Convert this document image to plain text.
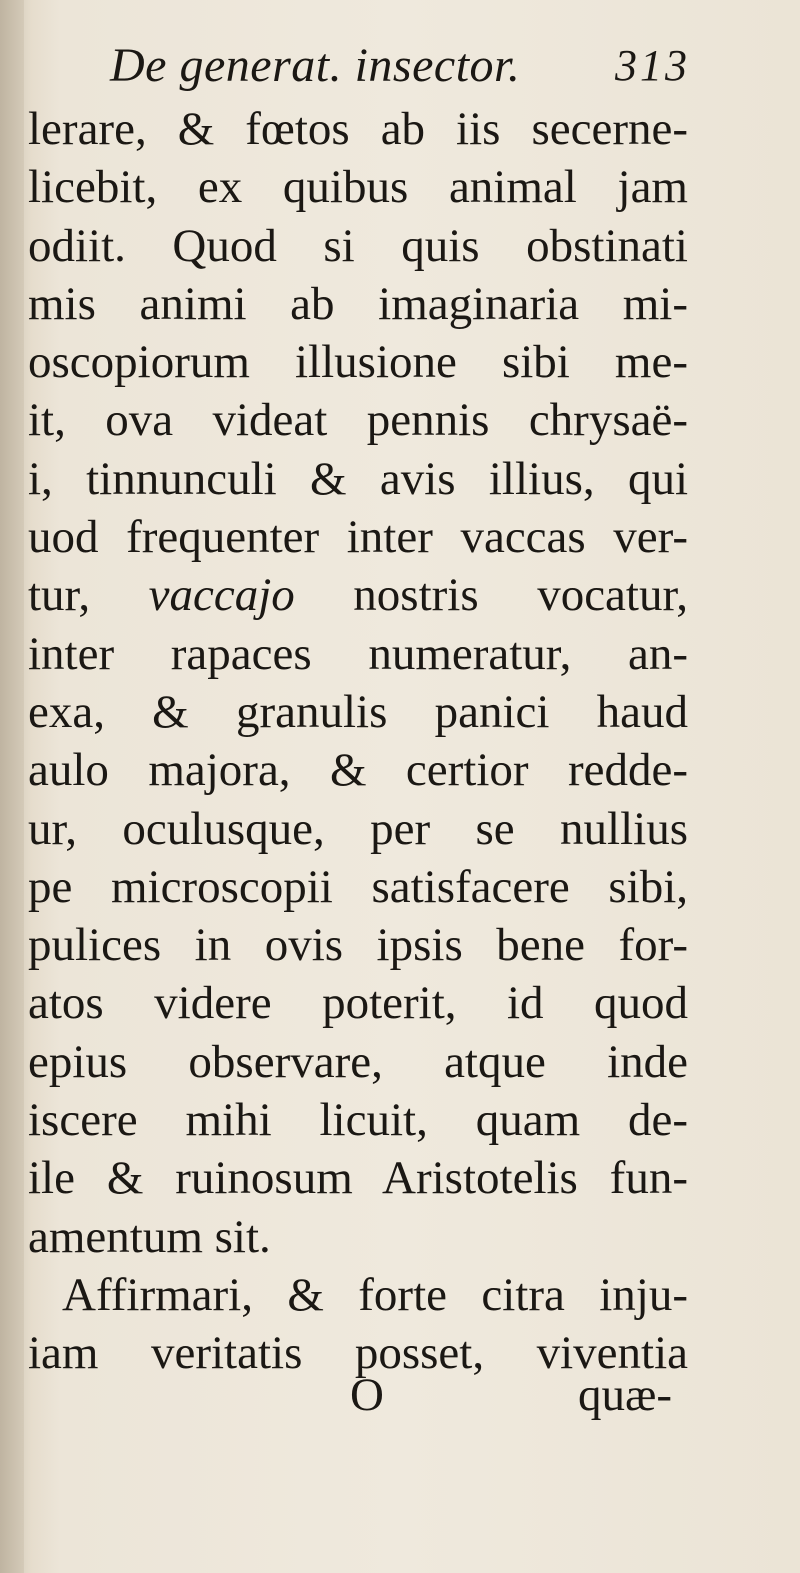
De generat. insector. 313
lerare, & fœtos ab iis secerne-
licebit, ex quibus animal jam
odiit. Quod si quis obstinati
mis animi ab imaginaria mi-
oscopiorum illusione sibi me-
it, ova videat pennis chrysaë-
i, tinnunculi & avis illius, qui
uod frequenter inter vaccas ver-
tur, vaccajo nostris vocatur,
inter rapaces numeratur, an-
exa, & granulis panici haud
aulo majora, & certior redde-
ur, oculusque, per se nullius
pe microscopii satisfacere sibi,
pulices in ovis ipsis bene for-
atos videre poterit, id quod
epius observare, atque inde
iscere mihi licuit, quam de-
ile & ruinosum Aristotelis fun-
amentum sit.
Affirmari, & forte citra inju-
iam veritatis posset, viventia
O	quæ-
